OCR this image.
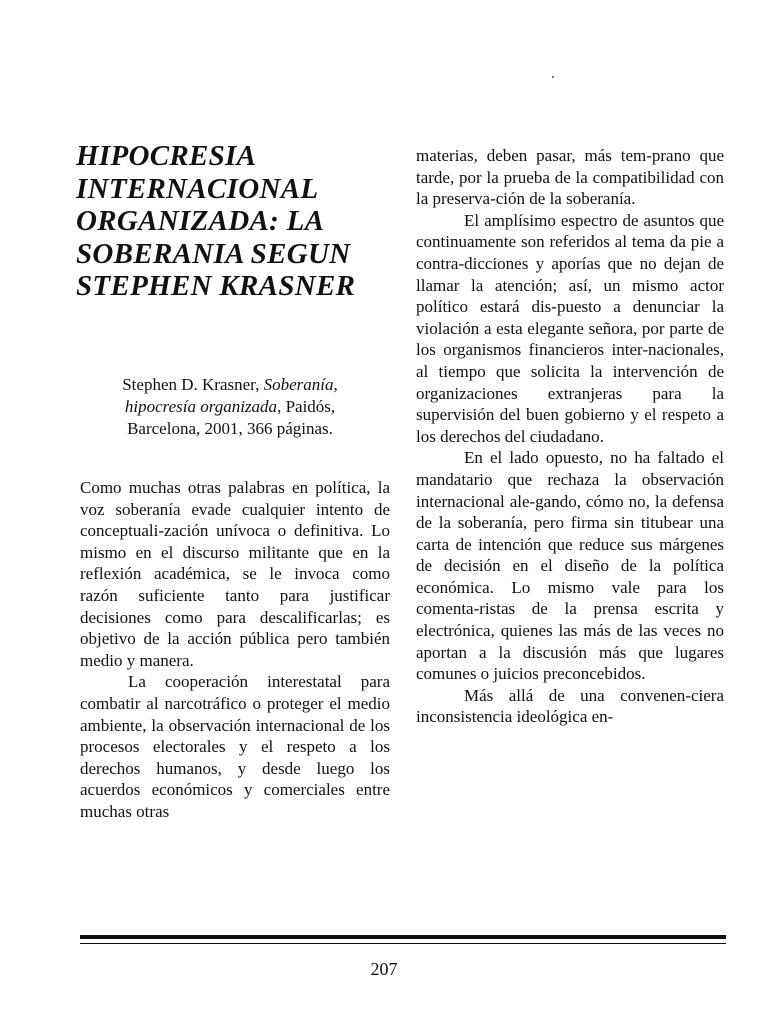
HIPOCRESIA
INTERNACIONAL
ORGANIZADA: LA
SOBERANIA SEGUN
STEPHEN KRASNER
Stephen D. Krasner, Soberanía,
hipocresía organizada, Paidós,
Barcelona, 2001, 366 páginas.

Como muchas otras palabras en política, la voz soberanía evade cualquier intento de conceptuali-zación unívoca o definitiva. Lo mismo en el discurso militante que en la reflexión académica, se le invoca como razón suficiente tanto para justificar decisiones como para descalificarlas; es objetivo de la acción pública pero también medio y manera.

La cooperación interestatal para combatir al narcotráfico o proteger el medio ambiente, la observación internacional de los procesos electorales y el respeto a los derechos humanos, y desde luego los acuerdos económicos y comerciales entre muchas otras

materias, deben pasar, más tem-prano que tarde, por la prueba de la compatibilidad con la preserva-ción de la soberanía.

El amplísimo espectro de asuntos que continuamente son referidos al tema da pie a contra-dicciones y aporías que no dejan de llamar la atención; así, un mismo actor político estará dis-puesto a denunciar la violación a esta elegante señora, por parte de los organismos financieros inter-nacionales, al tiempo que solicita la intervención de organizaciones extranjeras para la supervisión del buen gobierno y el respeto a los derechos del ciudadano.

En el lado opuesto, no ha faltado el mandatario que rechaza la observación internacional ale-gando, cómo no, la defensa de la soberanía, pero firma sin titubear una carta de intención que reduce sus márgenes de decisión en el diseño de la política económica. Lo mismo vale para los comenta-ristas de la prensa escrita y electrónica, quienes las más de las veces no aportan a la discusión más que lugares comunes o juicios preconcebidos.

Más allá de una convenen-ciera inconsistencia ideológica en-

207
